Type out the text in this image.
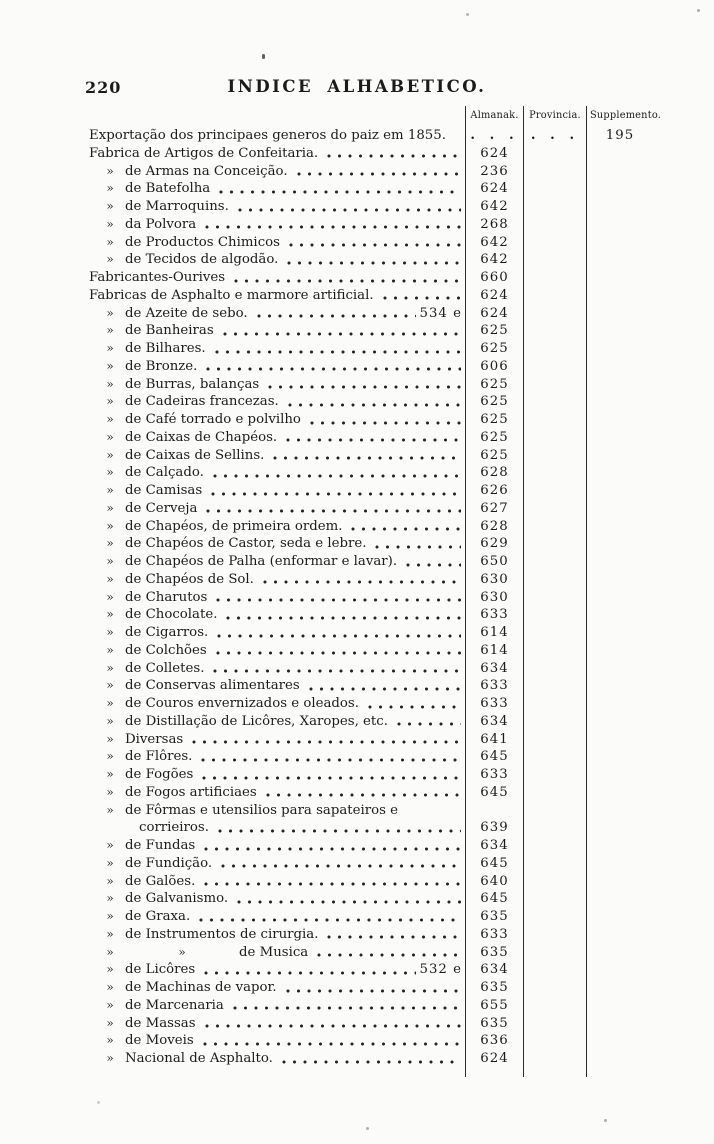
220	INDICE ALHABETICO.
Almanak.	Provincia. Supplemento.
Exportação dos principaes generos do paiz em 1855.	. . . . . .	195
Fabrica de Artigos de Confeitaria.	624
» de Armas na Conceição.	236
» de Batefolha	624
» de Marroquins.	642
» da Polvora	268
» de Productos Chimicos	642
» de Tecidos de algodão.	642
Fabricantes-Ourives	660
Fabricas de Asphalto e marmore artificial.	624
» de Azeite de sebo.	534 e	624
» de Banheiras	625
» de Bilhares.	625
» de Bronze.	606
» de Burras, balanças	625
» de Cadeiras francezas.	625
» de Café torrado e polvilho	625
» de Caixas de Chapéos.	625
» de Caixas de Sellins.	625
» de Calçado.	628
» de Camisas	626
» de Cerveja	627
» de Chapéos, de primeira ordem.	628
» de Chapéos de Castor, seda e lebre.	629
» de Chapéos de Palha (enformar e lavar).	650
» de Chapéos de Sol.	630
» de Charutos	630
» de Chocolate.	633
» de Cigarros.	614
» de Colchões	614
» de Colletes.	634
» de Conservas alimentares	633
» de Couros envernizados e oleados.	633
» de Distillação de Licôres, Xaropes, etc.	634
» Diversas	641
» de Flôres.	645
» de Fogões	633
» de Fogos artificiaes	645
» de Fôrmas e utensilios para sapateiros e
corrieiros.	639
» de Fundas	634
» de Fundição.	645
» de Galões.	640
» de Galvanismo.	645
» de Graxa.	635
» de Instrumentos de cirurgia.	633
»	»	de Musica	635
» de Licôres	532 e	634
» de Machinas de vapor.	635
» de Marcenaria	655
» de Massas	635
» de Moveis	636
» Nacional de Asphalto.	624
